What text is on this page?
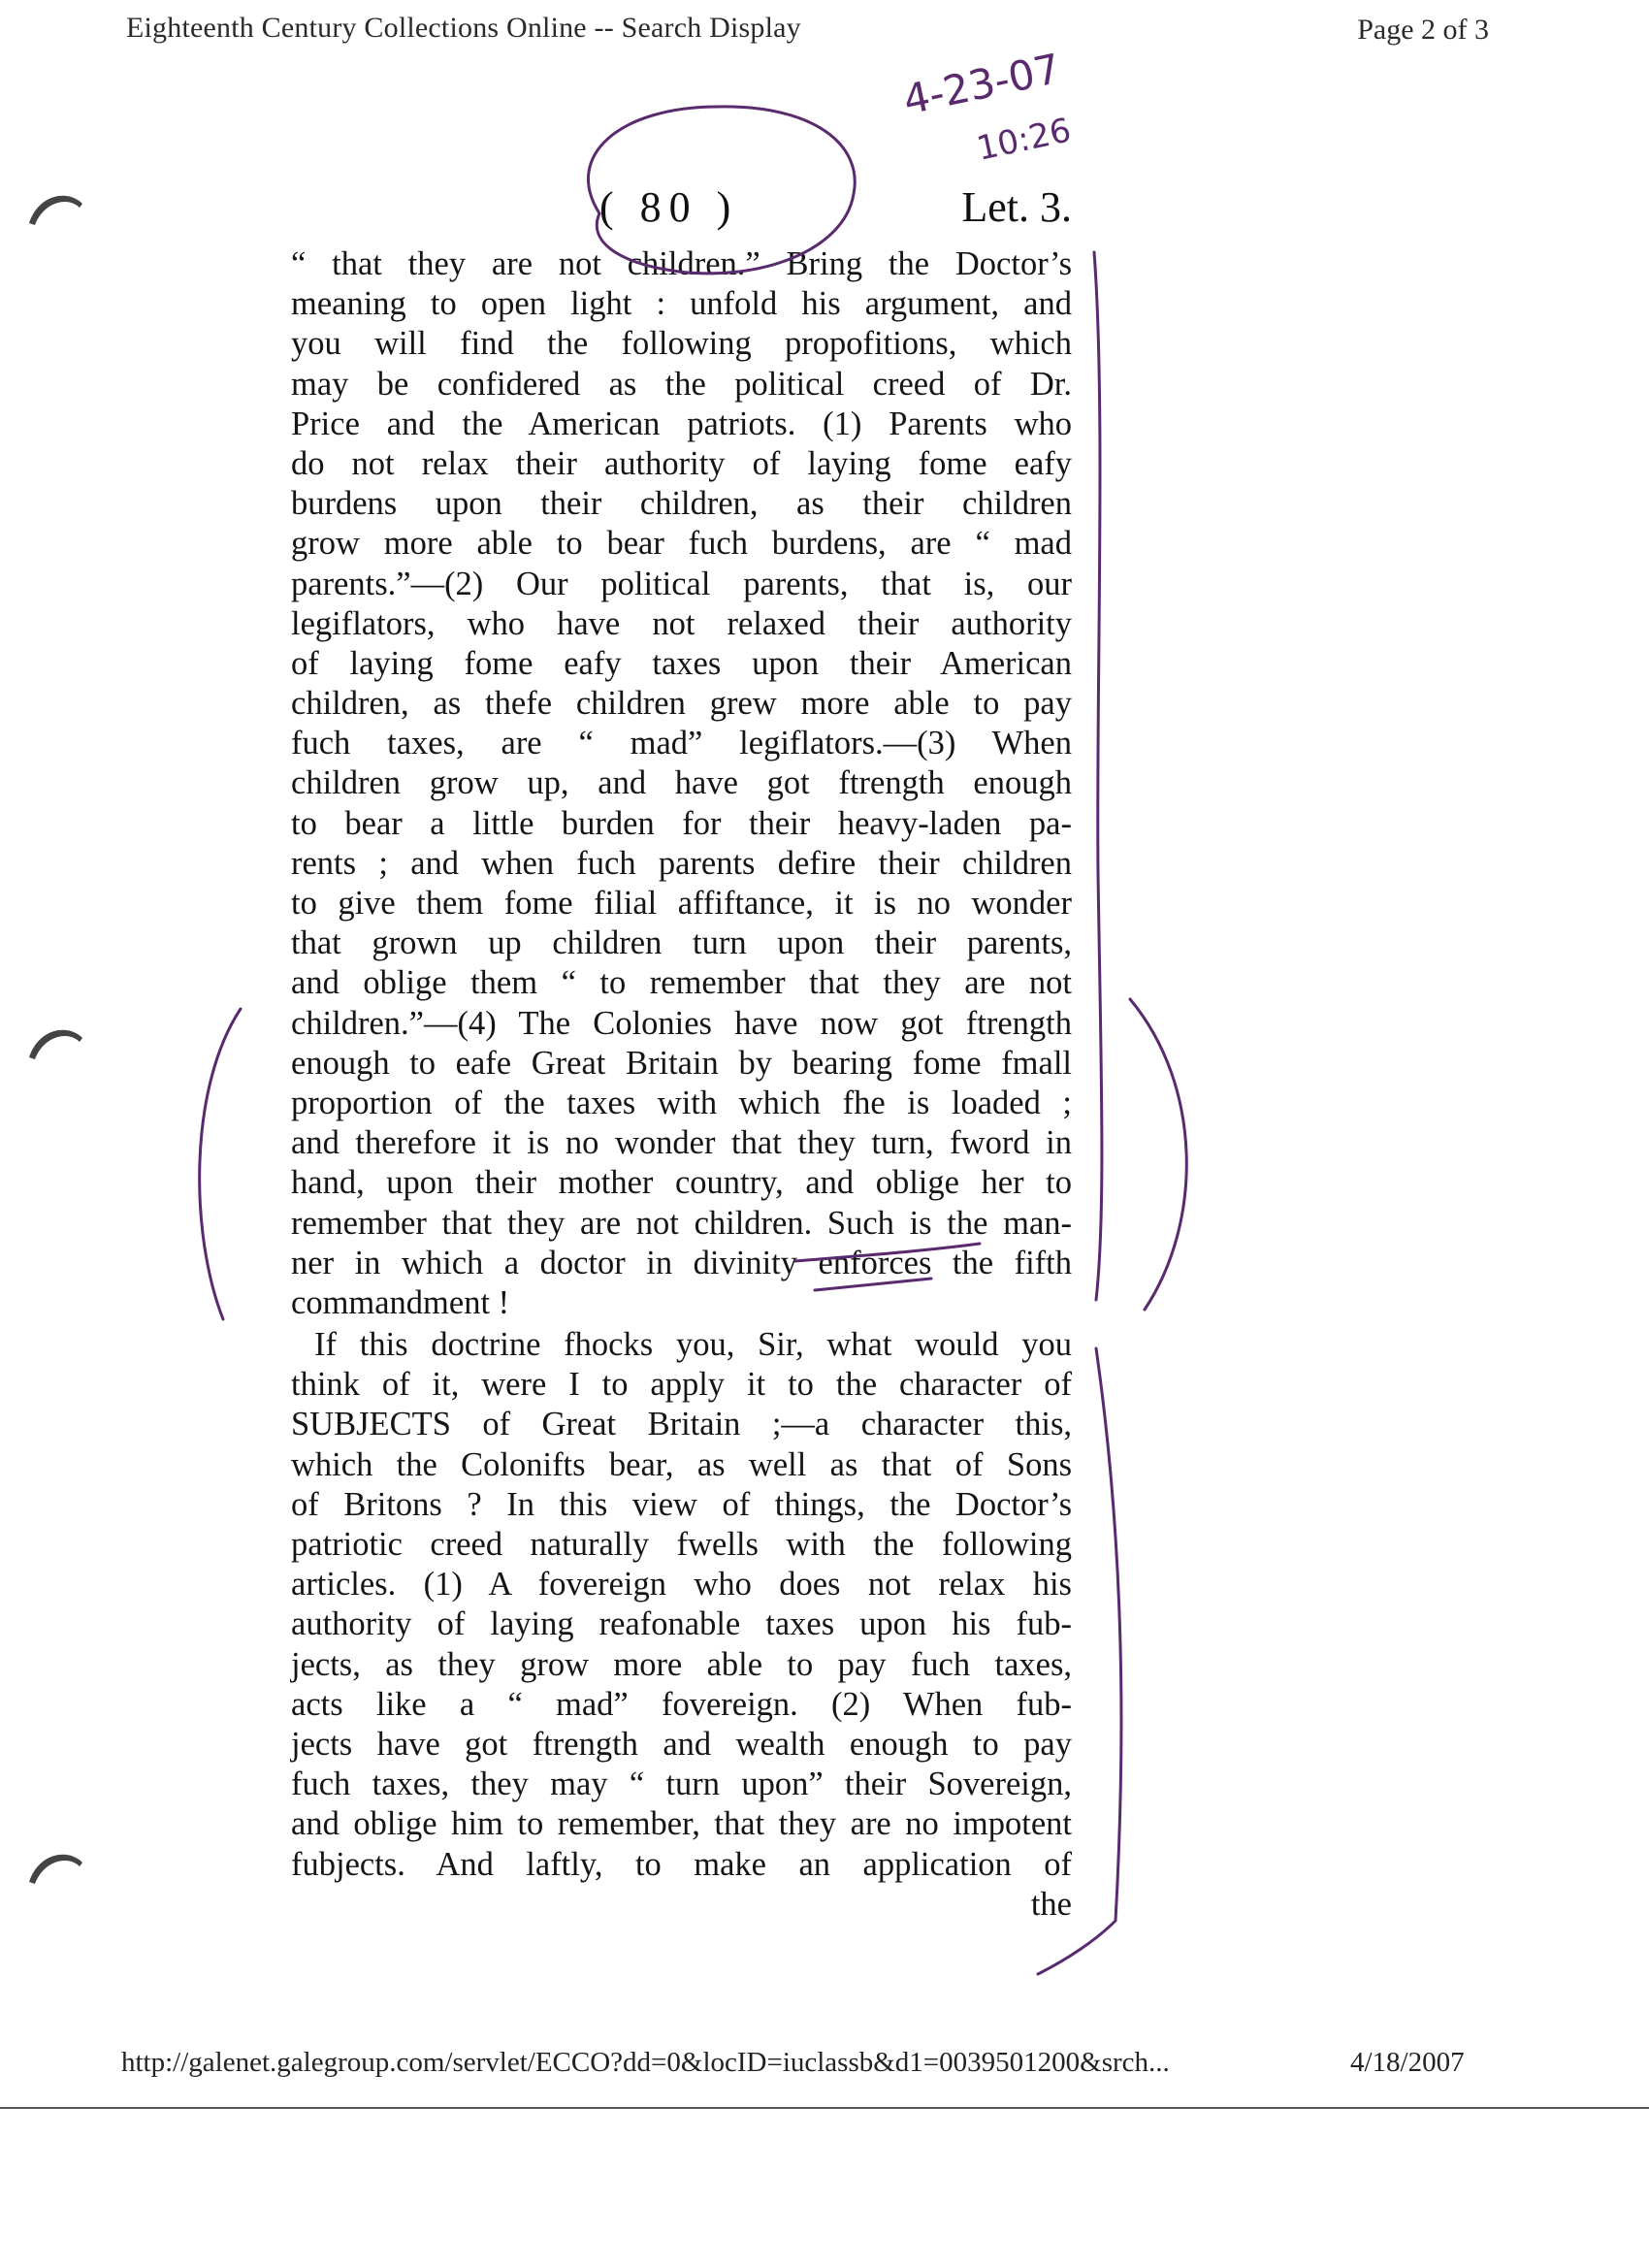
Eighteenth Century Collections Online -- Search Display	Page 2 of 3
( 80 )	Let. 3.
“ that they are not children.” Bring the Doctor’s
meaning to open light : unfold his argument, and
you will find the following propofitions, which
may be confidered as the political creed of Dr.
Price and the American patriots. (1) Parents who
do not relax their authority of laying fome eafy
burdens upon their children, as their children
grow more able to bear fuch burdens, are “ mad
parents.”—(2) Our political parents, that is, our
legiflators, who have not relaxed their authority
of laying fome eafy taxes upon their American
children, as thefe children grew more able to pay
fuch taxes, are “ mad” legiflators.—(3) When
children grow up, and have got ftrength enough
to bear a little burden for their heavy-laden pa-
rents ; and when fuch parents defire their children
to give them fome filial affiftance, it is no wonder
that grown up children turn upon their parents,
and oblige them “ to remember that they are not
children.”—(4) The Colonies have now got ftrength
enough to eafe Great Britain by bearing fome fmall
proportion of the taxes with which fhe is loaded ;
and therefore it is no wonder that they turn, fword in
hand, upon their mother country, and oblige her to
remember that they are not children. Such is the man-
ner in which a doctor in divinity enforces the fifth
commandment !
If this doctrine fhocks you, Sir, what would you
think of it, were I to apply it to the character of
SUBJECTS of Great Britain ;—a character this,
which the Colonifts bear, as well as that of Sons
of Britons ? In this view of things, the Doctor’s
patriotic creed naturally fwells with the following
articles. (1) A fovereign who does not relax his
authority of laying reafonable taxes upon his fub-
jects, as they grow more able to pay fuch taxes,
acts like a “ mad” fovereign. (2) When fub-
jects have got ftrength and wealth enough to pay
fuch taxes, they may “ turn upon” their Sovereign,
and oblige him to remember, that they are no impotent
fubjects. And laftly, to make an application of
the
http://galenet.galegroup.com/servlet/ECCO?dd=0&locID=iuclassb&d1=0039501200&srch...	4/18/2007
4-23-07
10:26
